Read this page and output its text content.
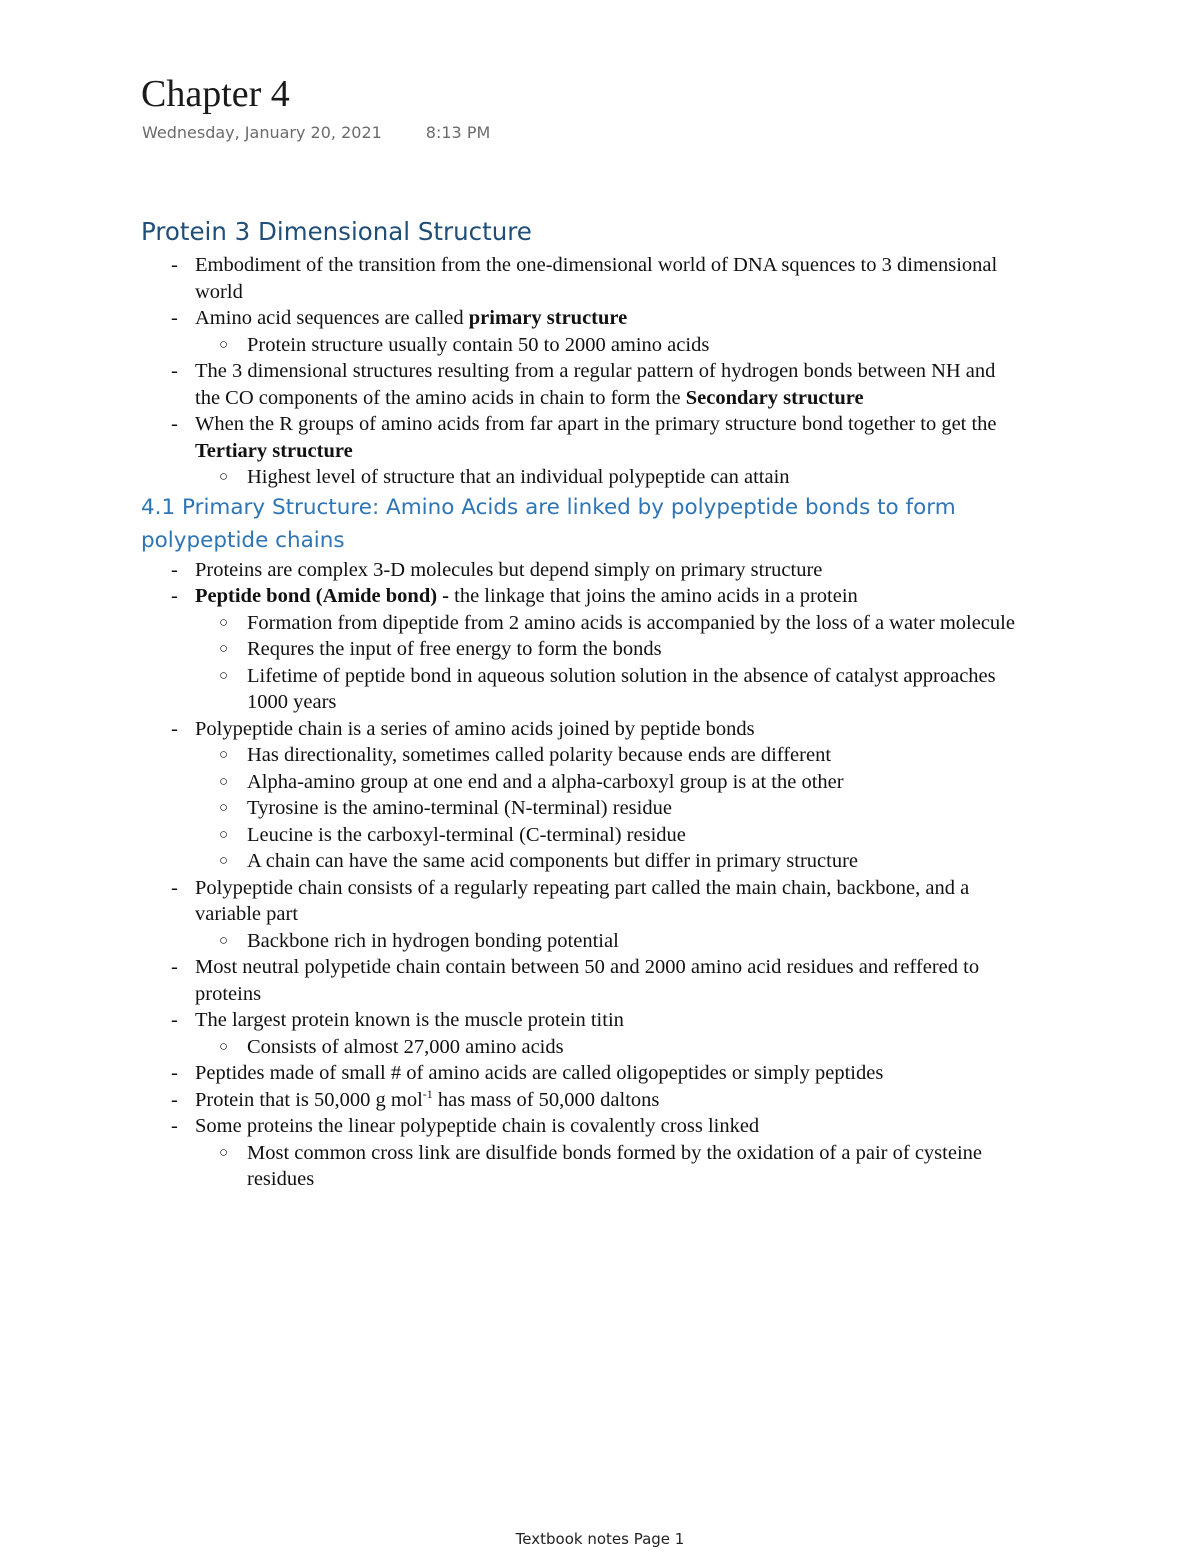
Chapter 4
Wednesday, January 20, 2021	8:13 PM
Protein 3 Dimensional Structure
- Embodiment of the transition from the one-dimensional world of DNA squences to 3 dimensional world
- Amino acid sequences are called primary structure
○ Protein structure usually contain 50 to 2000 amino acids
- The 3 dimensional structures resulting from a regular pattern of hydrogen bonds between NH and the CO components of the amino acids in chain to form the Secondary structure
- When the R groups of amino acids from far apart in the primary structure bond together to get the Tertiary structure
○ Highest level of structure that an individual polypeptide can attain
4.1 Primary Structure: Amino Acids are linked by polypeptide bonds to form polypeptide chains
- Proteins are complex 3-D molecules but depend simply on primary structure
- Peptide bond (Amide bond) - the linkage that joins the amino acids in a protein
○ Formation from dipeptide from 2 amino acids is accompanied by the loss of a water molecule
○ Requres the input of free energy to form the bonds
○ Lifetime of peptide bond in aqueous solution solution in the absence of catalyst approaches 1000 years
- Polypeptide chain is a series of amino acids joined by peptide bonds
○ Has directionality, sometimes called polarity because ends are different
○ Alpha-amino group at one end and a alpha-carboxyl group is at the other
○ Tyrosine is the amino-terminal (N-terminal) residue
○ Leucine is the carboxyl-terminal (C-terminal) residue
○ A chain can have the same acid components but differ in primary structure
- Polypeptide chain consists of a regularly repeating part called the main chain, backbone, and a variable part
○ Backbone rich in hydrogen bonding potential
- Most neutral polypetide chain contain between 50 and 2000 amino acid residues and reffered to proteins
- The largest protein known is the muscle protein titin
○ Consists of almost 27,000 amino acids
- Peptides made of small # of amino acids are called oligopeptides or simply peptides
- Protein that is 50,000 g mol$^{-1}$ has mass of 50,000 daltons
- Some proteins the linear polypeptide chain is covalently cross linked
○ Most common cross link are disulfide bonds formed by the oxidation of a pair of cysteine residues
Textbook notes Page 1
